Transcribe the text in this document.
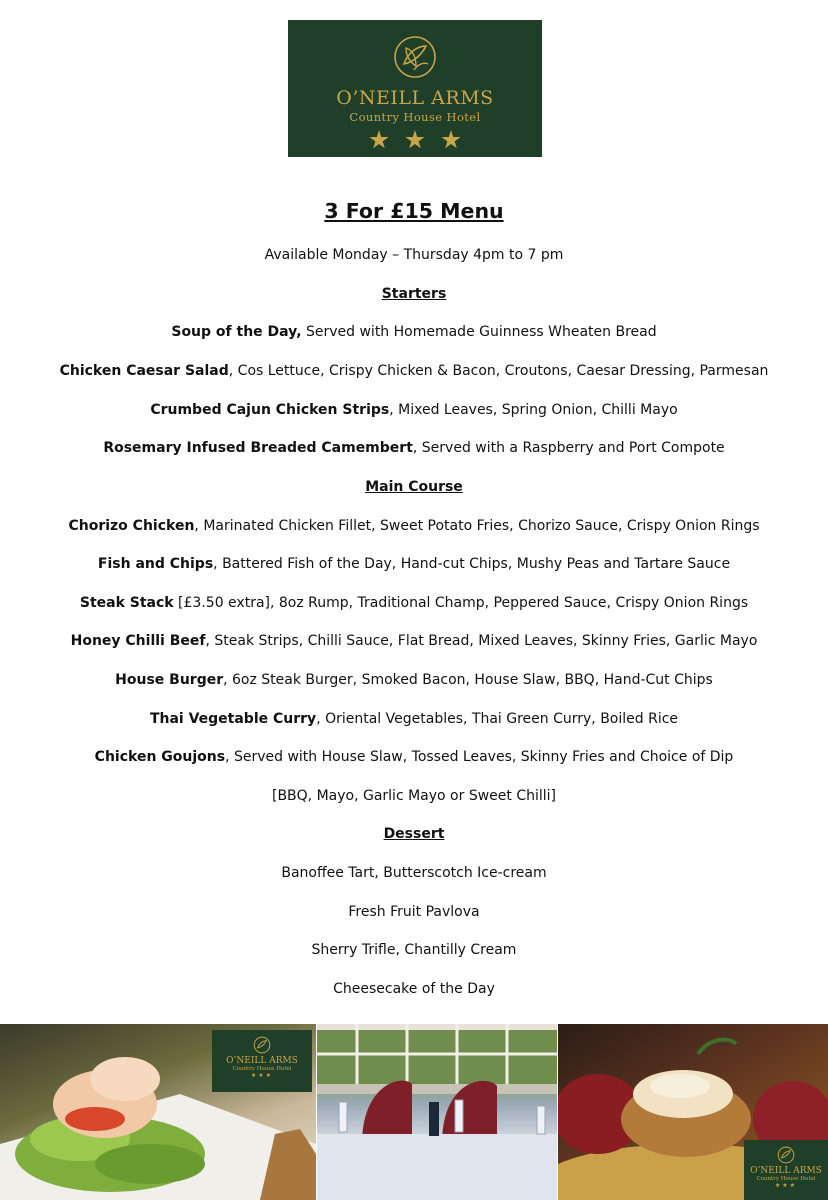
O’NEILL ARMS
Country House Hotel
3 For £15 Menu
Available Monday – Thursday 4pm to 7 pm
Starters
Soup of the Day, Served with Homemade Guinness Wheaten Bread
Chicken Caesar Salad, Cos Lettuce, Crispy Chicken & Bacon, Croutons, Caesar Dressing, Parmesan
Crumbed Cajun Chicken Strips, Mixed Leaves, Spring Onion, Chilli Mayo
Rosemary Infused Breaded Camembert, Served with a Raspberry and Port Compote
Main Course
Chorizo Chicken, Marinated Chicken Fillet, Sweet Potato Fries, Chorizo Sauce, Crispy Onion Rings
Fish and Chips, Battered Fish of the Day, Hand-cut Chips, Mushy Peas and Tartare Sauce
Steak Stack [£3.50 extra], 8oz Rump, Traditional Champ, Peppered Sauce, Crispy Onion Rings
Honey Chilli Beef, Steak Strips, Chilli Sauce, Flat Bread, Mixed Leaves, Skinny Fries, Garlic Mayo
House Burger, 6oz Steak Burger, Smoked Bacon, House Slaw, BBQ, Hand-Cut Chips
Thai Vegetable Curry, Oriental Vegetables, Thai Green Curry, Boiled Rice
Chicken Goujons, Served with House Slaw, Tossed Leaves, Skinny Fries and Choice of Dip
[BBQ, Mayo, Garlic Mayo or Sweet Chilli]
Dessert
Banoffee Tart, Butterscotch Ice-cream
Fresh Fruit Pavlova
Sherry Trifle, Chantilly Cream
Cheesecake of the Day
O’NEILL ARMS
Country House Hotel
★★★
O’NEILL ARMS
Country House Hotel
★★★
